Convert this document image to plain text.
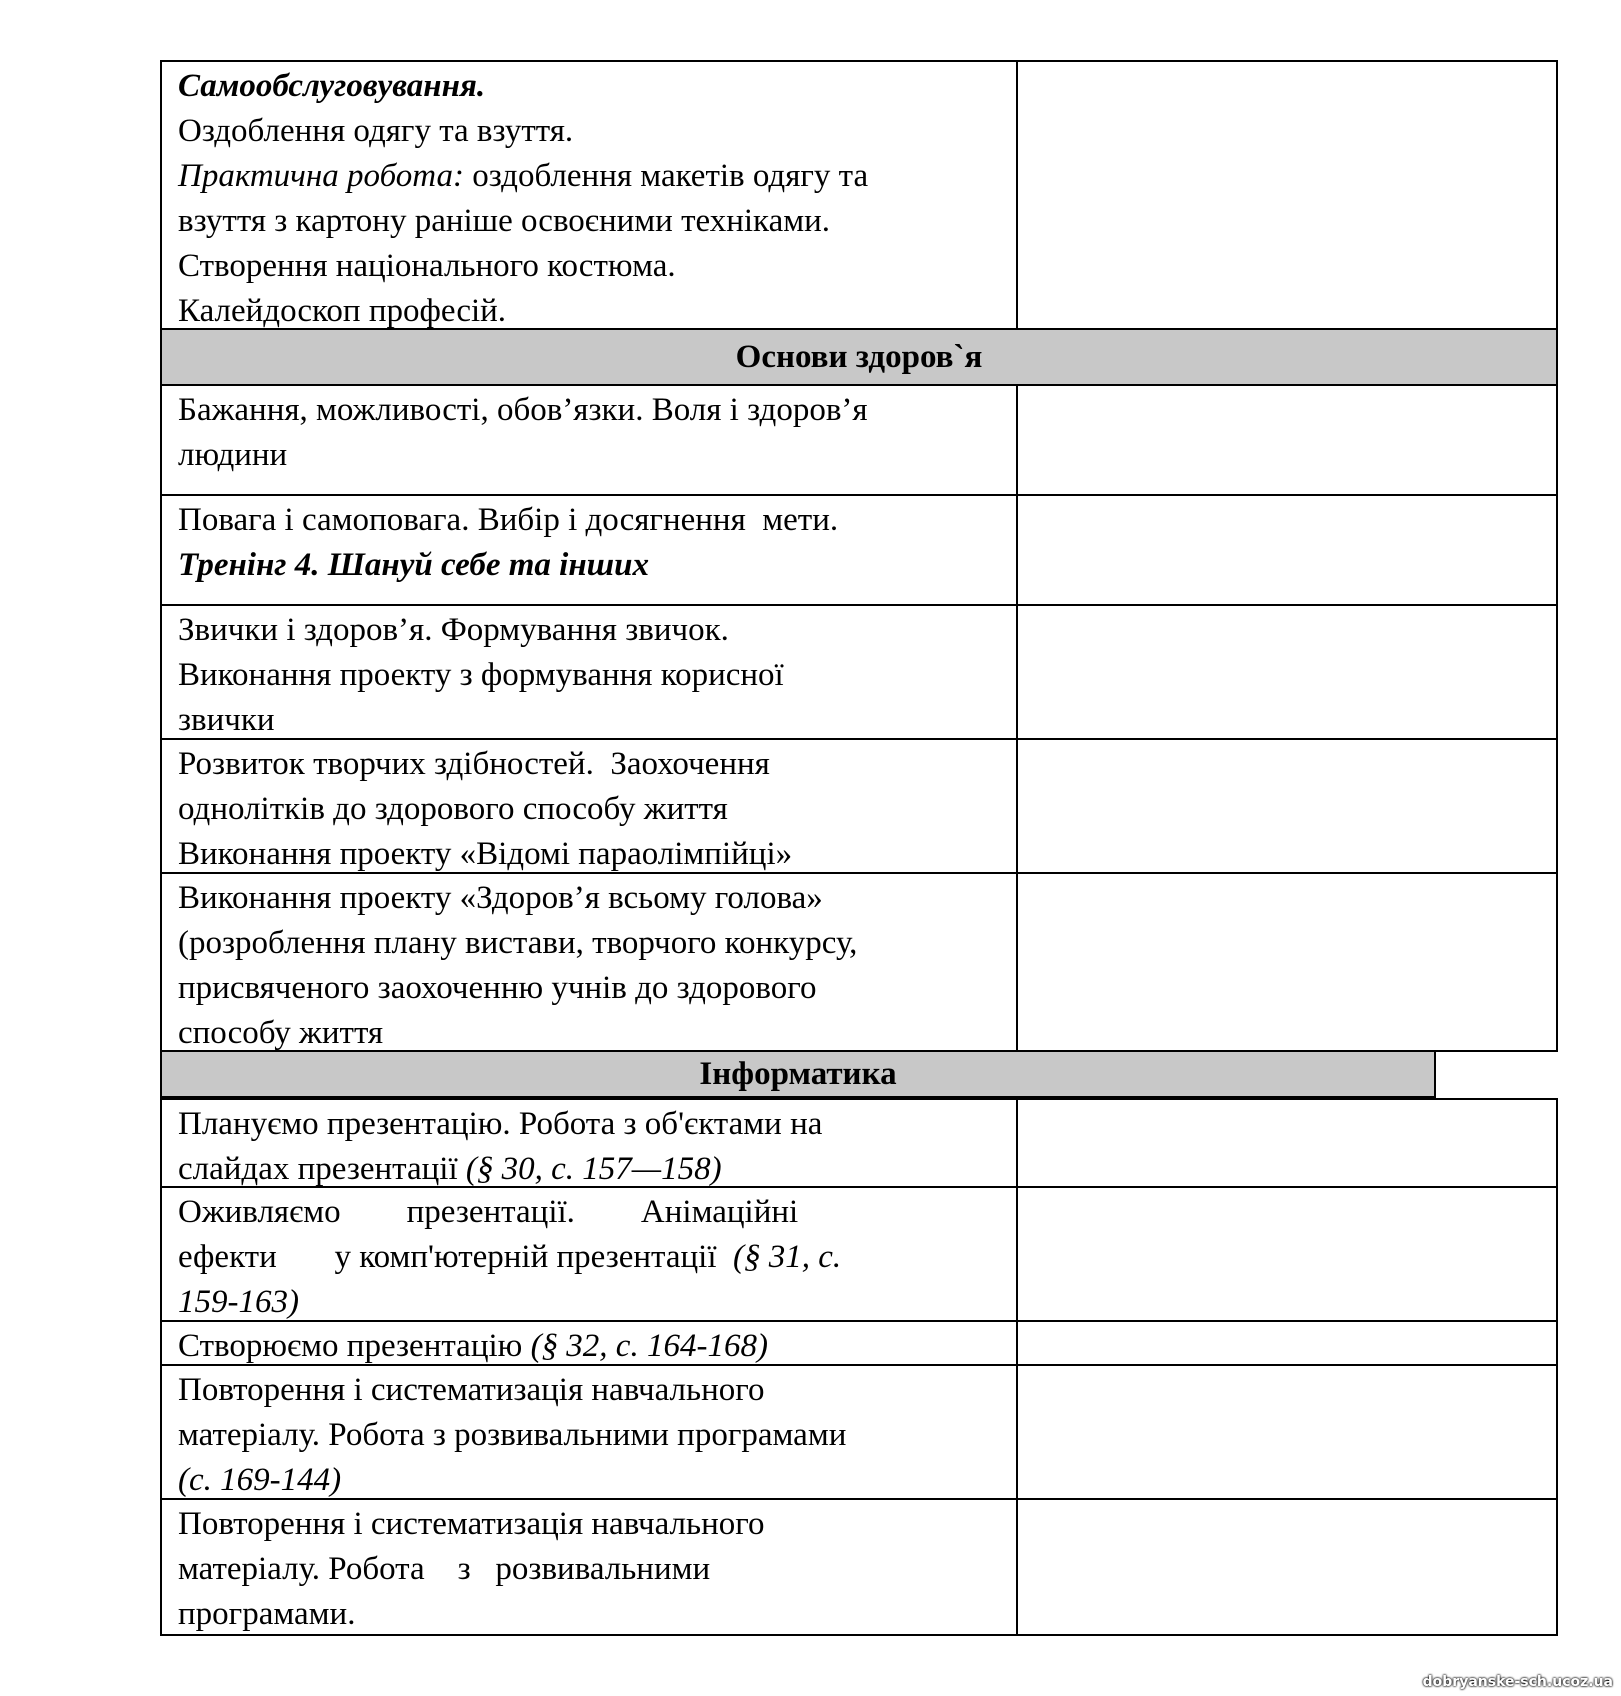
Самообслуговування.
Оздоблення одягу та взуття.
Практична робота: оздоблення макетів одягу та
взуття з картону раніше освоєними техніками.
Створення національного костюма.
Калейдоскоп професій.
Основи здоров`я
Бажання, можливості, обов’язки. Воля і здоров’я
людини
Повага і самоповага. Вибір і досягнення  мети.
Тренінг 4. Шануй себе та інших
Звички і здоров’я. Формування звичок.
Виконання проекту з формування корисної
звички
Розвиток творчих здібностей.  Заохочення
однолітків до здорового способу життя
Виконання проекту «Відомі параолімпійці»
Виконання проекту «Здоров’я всьому голова»
(розроблення плану вистави, творчого конкурсу,
присвяченого заохоченню учнів до здорового
способу життя
Інформатика
Плануємо презентацію. Робота з об'єктами на
слайдах презентації (§ 30, с. 157—158)
Оживляємо        презентації.        Анімаційні
ефекти       у комп'ютерній презентації  (§ 31, с.
159-163)
Створюємо презентацію (§ 32, с. 164-168)
Повторення і систематизація навчального
матеріалу. Робота з розвивальними програмами
(с. 169-144)
Повторення і систематизація навчального
матеріалу. Робота    з   розвивальними
програмами.
dobryanske-sch.ucoz.ua
